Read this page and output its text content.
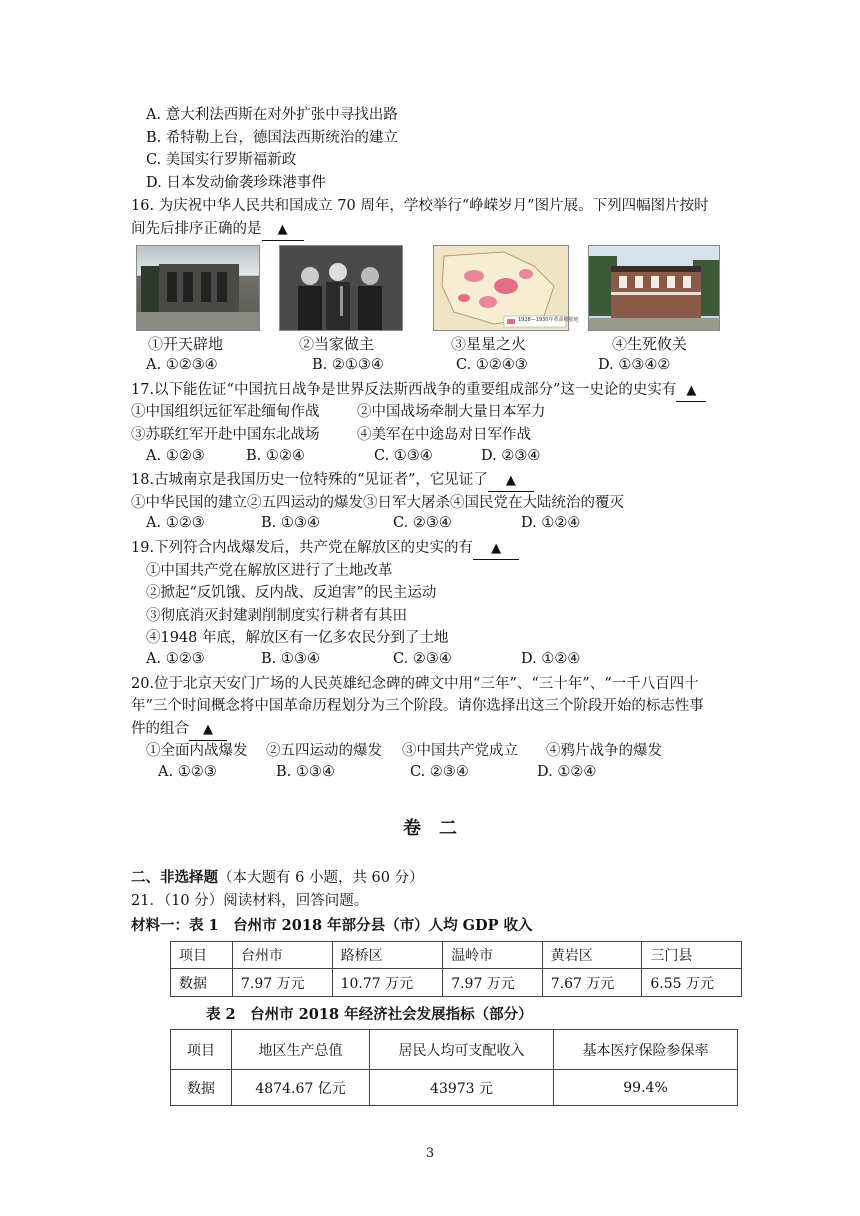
A. 意大利法西斯在对外扩张中寻找出路
B. 希特勒上台，德国法西斯统治的建立
C. 美国实行罗斯福新政
D. 日本发动偷袭珍珠港事件
16. 为庆祝中华人民共和国成立 70 周年，学校举行“峥嵘岁月”图片展。下列四幅图片按时
间先后排序正确的是 ▲
1928—1930年革命根据地
①开天辟地	②当家做主	③星星之火	④生死攸关
A. ①②③④	B. ②①③④	C. ①②④③	D. ①③④②
17.以下能佐证“中国抗日战争是世界反法斯西战争的重要组成部分”这一史论的史实有 ▲
①中国组织远征军赴缅甸作战	②中国战场牵制大量日本军力
③苏联红军开赴中国东北战场	④美军在中途岛对日军作战
A. ①②③	B. ①②④	C. ①③④	D. ②③④
18.古城南京是我国历史一位特殊的“见证者”，它见证了 ▲
①中华民国的建立②五四运动的爆发③日军大屠杀④国民党在大陆统治的覆灭
A. ①②③	B. ①③④	C. ②③④	D. ①②④
19.下列符合内战爆发后，共产党在解放区的史实的有 ▲
①中国共产党在解放区进行了土地改革
②掀起“反饥饿、反内战、反迫害”的民主运动
③彻底消灭封建剥削制度实行耕者有其田
④1948 年底，解放区有一亿多农民分到了土地
A. ①②③	B. ①③④	C. ②③④	D. ①②④
20.位于北京天安门广场的人民英雄纪念碑的碑文中用“三年”、“三十年”、“一千八百四十
年”三个时间概念将中国革命历程划分为三个阶段。请你选择出这三个阶段开始的标志性事
件的组合 ▲
①全面内战爆发 ②五四运动的爆发 ③中国共产党成立 ④鸦片战争的爆发
A. ①②③	B. ①③④	C. ②③④	D. ①②④
卷　二
二、非选择题（本大题有 6 小题，共 60 分）
21．（10 分）阅读材料，回答问题。
材料一：表 1　台州市 2018 年部分县（市）人均 GDP 收入
项目	台州市	路桥区	温岭市	黄岩区	三门县
数据	7.97 万元	10.77 万元	7.97 万元	7.67 万元	6.55 万元
表 2　台州市 2018 年经济社会发展指标（部分）
项目	地区生产总值	居民人均可支配收入	基本医疗保险参保率
数据	4874.67 亿元	43973 元	99.4%
3
